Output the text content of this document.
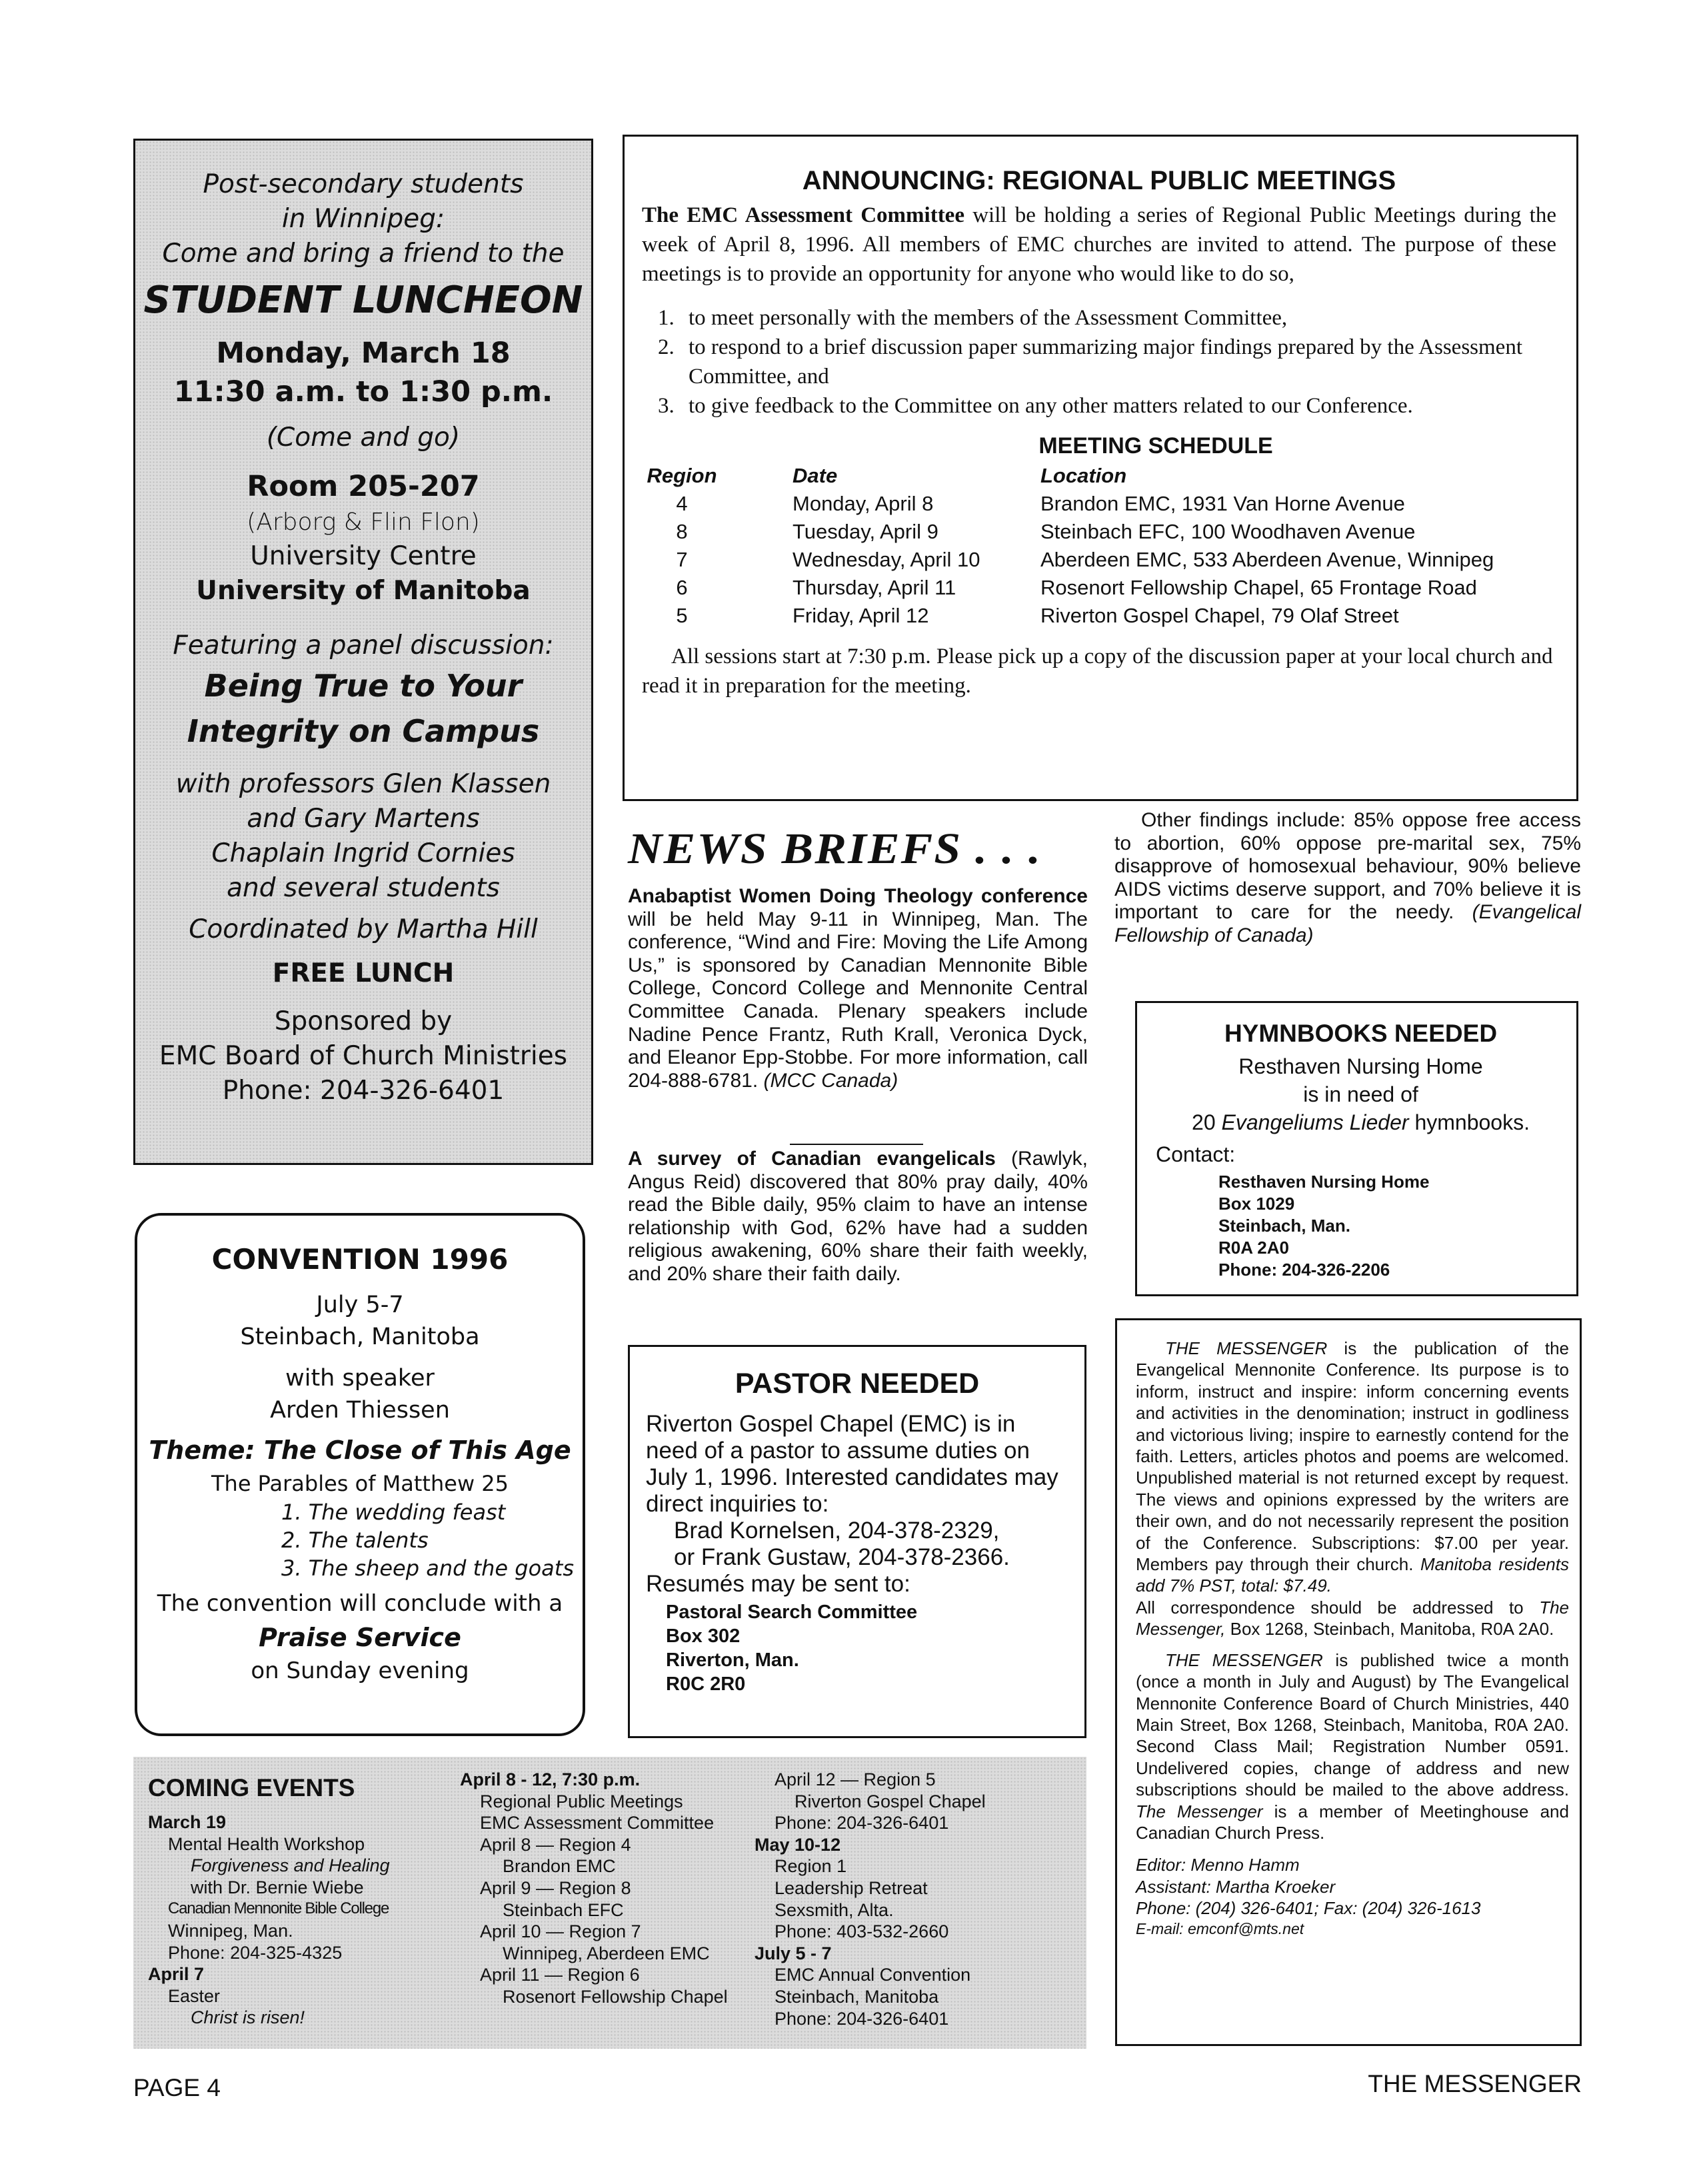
Post-secondary students
in Winnipeg:
Come and bring a friend to the
STUDENT LUNCHEON
Monday, March 18
11:30 a.m. to 1:30 p.m.
(Come and go)
Room 205-207
(Arborg & Flin Flon)
University Centre
University of Manitoba
Featuring a panel discussion:
Being True to Your
Integrity on Campus
with professors Glen Klassen
and Gary Martens
Chaplain Ingrid Cornies
and several students
Coordinated by Martha Hill
FREE LUNCH
Sponsored by
EMC Board of Church Ministries
Phone: 204-326-6401
ANNOUNCING: REGIONAL PUBLIC MEETINGS

The EMC Assessment Committee will be holding a series of Regional Public Meetings during the week of April 8, 1996. All members of EMC churches are invited to attend. The purpose of these meetings is to provide an opportunity for anyone who would like to do so,

1. to meet personally with the members of the Assessment Committee,
2. to respond to a brief discussion paper summarizing major findings prepared by the Assessment Committee, and
3. to give feedback to the Committee on any other matters related to our Conference.
MEETING SCHEDULE
Region	Date	Location
4	Monday, April 8	Brandon EMC, 1931 Van Horne Avenue
8	Tuesday, April 9	Steinbach EFC, 100 Woodhaven Avenue
7	Wednesday, April 10	Aberdeen EMC, 533 Aberdeen Avenue, Winnipeg
6	Thursday, April 11	Rosenort Fellowship Chapel, 65 Frontage Road
5	Friday, April 12	Riverton Gospel Chapel, 79 Olaf Street

All sessions start at 7:30 p.m. Please pick up a copy of the discussion paper at your local church and read it in preparation for the meeting.

NEWS BRIEFS . . .
Anabaptist Women Doing Theology conference will be held May 9-11 in Winnipeg, Man. The conference, “Wind and Fire: Moving the Life Among Us,” is sponsored by Canadian Mennonite Bible College, Concord College and Mennonite Central Committee Canada. Plenary speakers include Nadine Pence Frantz, Ruth Krall, Veronica Dyck, and Eleanor Epp-Stobbe. For more information, call 204-888-6781. (MCC Canada)
A survey of Canadian evangelicals (Rawlyk, Angus Reid) discovered that 80% pray daily, 40% read the Bible daily, 95% claim to have an intense relationship with God, 62% have had a sudden religious awakening, 60% share their faith weekly, and 20% share their faith daily.
Other findings include: 85% oppose free access to abortion, 60% oppose pre-marital sex, 75% disapprove of homosexual behaviour, 90% believe AIDS victims deserve support, and 70% believe it is important to care for the needy. (Evangelical Fellowship of Canada)
HYMNBOOKS NEEDED
Resthaven Nursing Home
is in need of
20 Evangeliums Lieder hymnbooks.
Contact:
Resthaven Nursing Home
Box 1029
Steinbach, Man.
R0A 2A0
Phone: 204-326-2206
CONVENTION 1996
July 5-7
Steinbach, Manitoba
with speaker
Arden Thiessen
Theme: The Close of This Age
The Parables of Matthew 25
1. The wedding feast
2. The talents
3. The sheep and the goats
The convention will conclude with a
Praise Service
on Sunday evening
PASTOR NEEDED
Riverton Gospel Chapel (EMC) is in need of a pastor to assume duties on July 1, 1996. Interested candidates may direct inquiries to:
Brad Kornelsen, 204-378-2329,
or Frank Gustaw, 204-378-2366.
Resumés may be sent to:
Pastoral Search Committee
Box 302
Riverton, Man.
R0C 2R0

THE MESSENGER is the publication of the Evangelical Mennonite Conference. Its purpose is to inform, instruct and inspire: inform concerning events and activities in the denomination; instruct in godliness and victorious living; inspire to earnestly contend for the faith. Letters, articles photos and poems are welcomed. Unpublished material is not returned except by request. The views and opinions expressed by the writers are their own, and do not necessarily represent the position of the Conference. Subscriptions: $7.00 per year. Members pay through their church. Manitoba residents add 7% PST, total: $7.49.

All correspondence should be addressed to The Messenger, Box 1268, Steinbach, Manitoba, R0A 2A0.

THE MESSENGER is published twice a month (once a month in July and August) by The Evangelical Mennonite Conference Board of Church Ministries, 440 Main Street, Box 1268, Steinbach, Manitoba, R0A 2A0. Second Class Mail; Registration Number 0591. Undelivered copies, change of address and new subscriptions should be mailed to the above address. The Messenger is a member of Meetinghouse and Canadian Church Press.

Editor: Menno Hamm
Assistant: Martha Kroeker
Phone: (204) 326-6401; Fax: (204) 326-1613
E-mail: emconf@mts.net
COMING EVENTS
March 19
Mental Health Workshop
Forgiveness and Healing
with Dr. Bernie Wiebe
Canadian Mennonite Bible College
Winnipeg, Man.
Phone: 204-325-4325
April 7
Easter
Christ is risen!
April 8 - 12, 7:30 p.m.
Regional Public Meetings
EMC Assessment Committee
April 8 — Region 4
Brandon EMC
April 9 — Region 8
Steinbach EFC
April 10 — Region 7
Winnipeg, Aberdeen EMC
April 11 — Region 6
Rosenort Fellowship Chapel
April 12 — Region 5
Riverton Gospel Chapel
Phone: 204-326-6401
May 10-12
Region 1
Leadership Retreat
Sexsmith, Alta.
Phone: 403-532-2660
July 5 - 7
EMC Annual Convention
Steinbach, Manitoba
Phone: 204-326-6401
PAGE 4	THE MESSENGER
